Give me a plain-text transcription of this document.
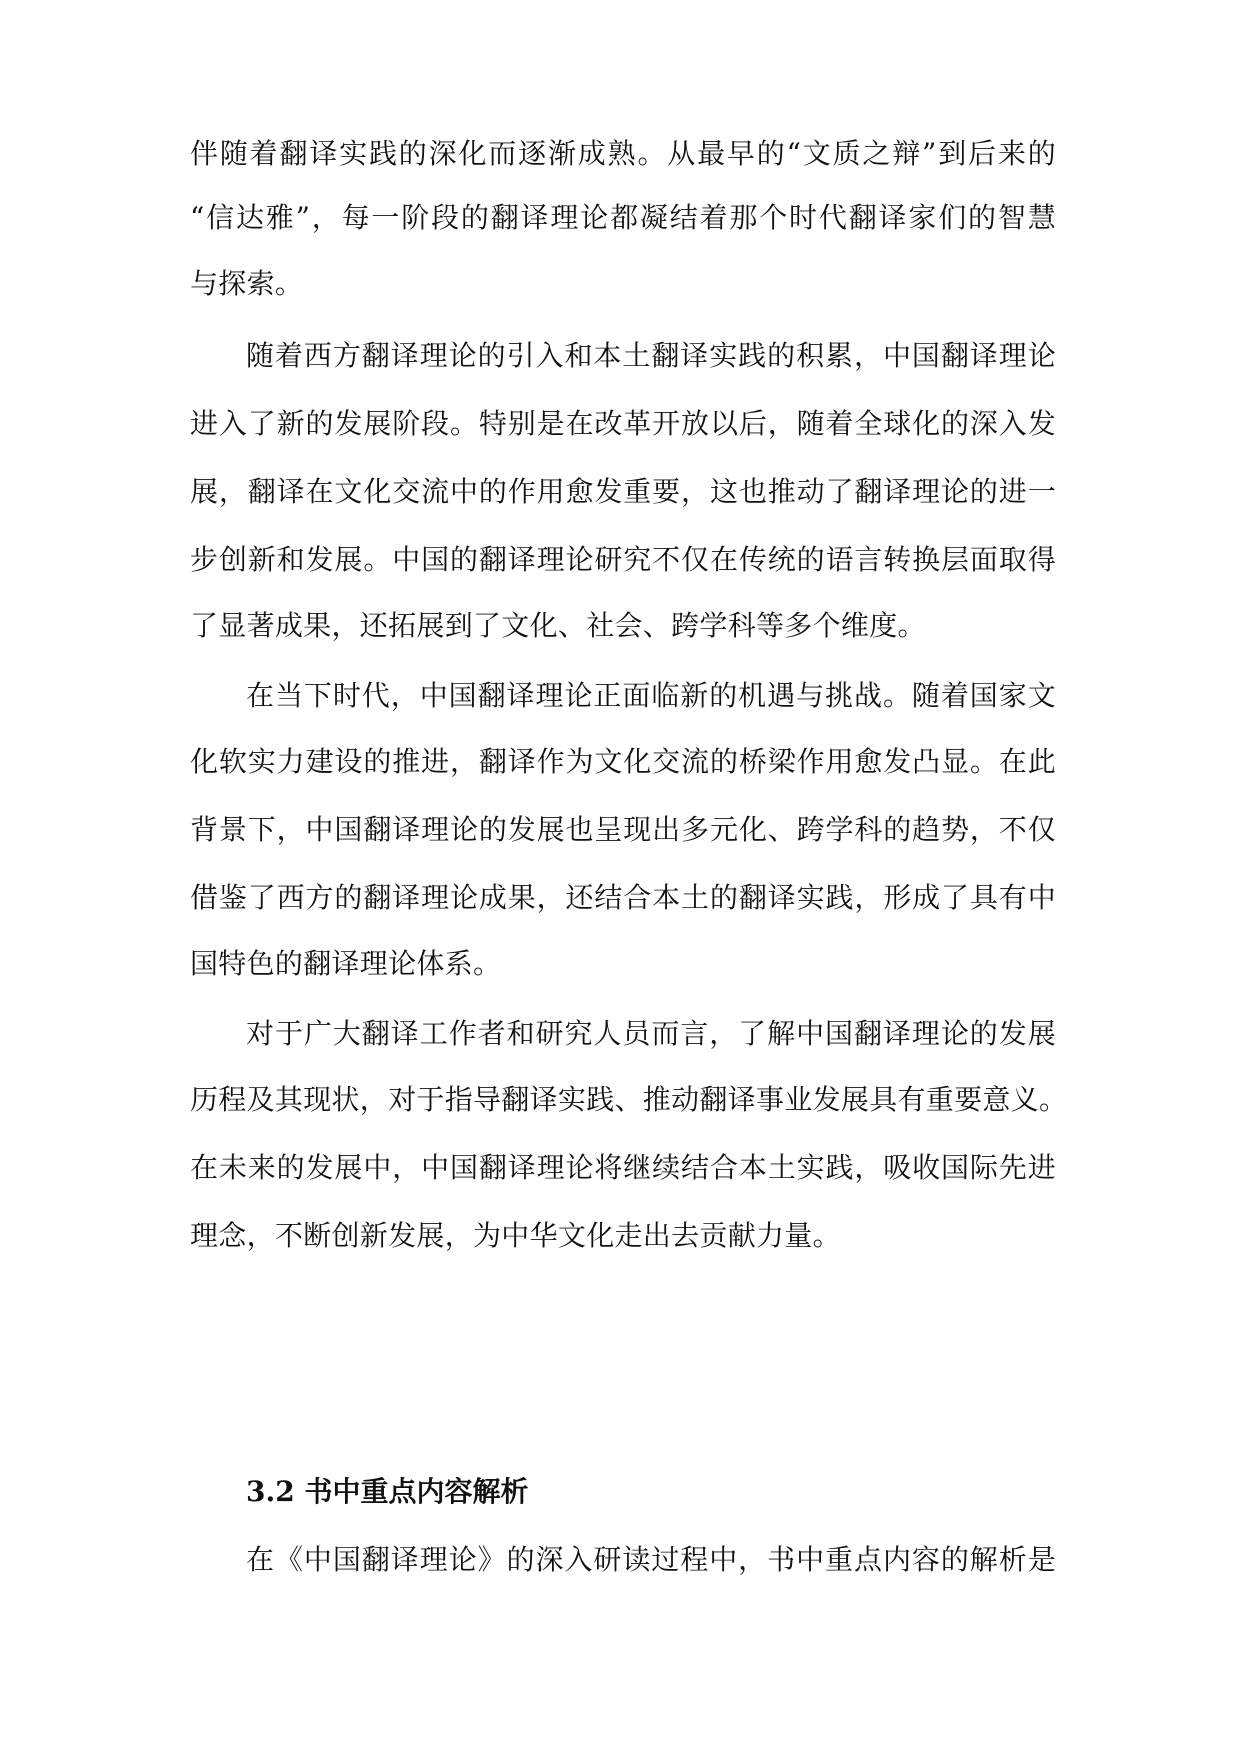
伴随着翻译实践的深化而逐渐成熟。从最早的“文质之辩”到后来的
“信达雅”，每一阶段的翻译理论都凝结着那个时代翻译家们的智慧
与探索。
随着西方翻译理论的引入和本土翻译实践的积累，中国翻译理论
进入了新的发展阶段。特别是在改革开放以后，随着全球化的深入发
展，翻译在文化交流中的作用愈发重要，这也推动了翻译理论的进一
步创新和发展。中国的翻译理论研究不仅在传统的语言转换层面取得
了显著成果，还拓展到了文化、社会、跨学科等多个维度。
在当下时代，中国翻译理论正面临新的机遇与挑战。随着国家文
化软实力建设的推进，翻译作为文化交流的桥梁作用愈发凸显。在此
背景下，中国翻译理论的发展也呈现出多元化、跨学科的趋势，不仅
借鉴了西方的翻译理论成果，还结合本土的翻译实践，形成了具有中
国特色的翻译理论体系。
对于广大翻译工作者和研究人员而言，了解中国翻译理论的发展
历程及其现状，对于指导翻译实践、推动翻译事业发展具有重要意义。
在未来的发展中，中国翻译理论将继续结合本土实践，吸收国际先进
理念，不断创新发展，为中华文化走出去贡献力量。
3.2 书中重点内容解析
在《中国翻译理论》的深入研读过程中，书中重点内容的解析是
